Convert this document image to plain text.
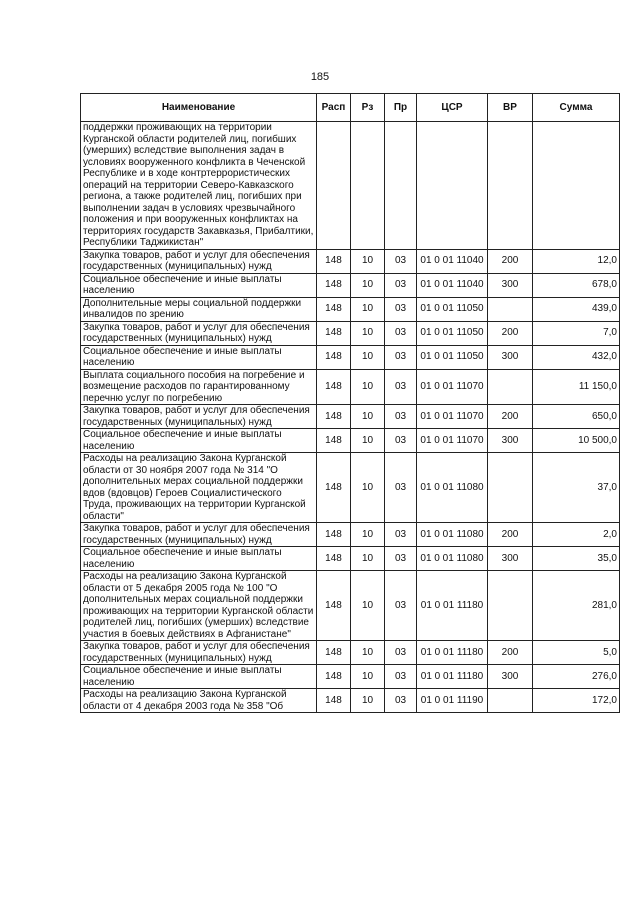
185
Наименование	Расп	Рз	Пр	ЦСР	ВР	Сумма
поддержки проживающих на территории Курганской области родителей лиц, погибших (умерших) вследствие выполнения задач в условиях вооруженного конфликта в Чеченской Республике и в ходе контртеррористических операций на территории Северо-Кавказского региона, а также родителей лиц, погибших при выполнении задач в условиях чрезвычайного положения и при вооруженных конфликтах на территориях государств Закавказья, Прибалтики, Республики Таджикистан"						
Закупка товаров, работ и услуг для обеспечения государственных (муниципальных) нужд	148	10	03	01 0 01 11040	200	12,0
Социальное обеспечение и иные выплаты населению	148	10	03	01 0 01 11040	300	678,0
Дополнительные меры социальной поддержки инвалидов по зрению	148	10	03	01 0 01 11050		439,0
Закупка товаров, работ и услуг для обеспечения государственных (муниципальных) нужд	148	10	03	01 0 01 11050	200	7,0
Социальное обеспечение и иные выплаты населению	148	10	03	01 0 01 11050	300	432,0
Выплата социального пособия на погребение и возмещение расходов по гарантированному перечню услуг по погребению	148	10	03	01 0 01 11070		11 150,0
Закупка товаров, работ и услуг для обеспечения государственных (муниципальных) нужд	148	10	03	01 0 01 11070	200	650,0
Социальное обеспечение и иные выплаты населению	148	10	03	01 0 01 11070	300	10 500,0
Расходы на реализацию Закона Курганской области от 30 ноября 2007 года № 314 "О дополнительных мерах социальной поддержки вдов (вдовцов) Героев Социалистического Труда, проживающих на территории Курганской области"	148	10	03	01 0 01 11080		37,0
Закупка товаров, работ и услуг для обеспечения государственных (муниципальных) нужд	148	10	03	01 0 01 11080	200	2,0
Социальное обеспечение и иные выплаты населению	148	10	03	01 0 01 11080	300	35,0
Расходы на реализацию Закона Курганской области от 5 декабря 2005 года № 100 "О дополнительных мерах социальной поддержки проживающих на территории Курганской области родителей лиц, погибших (умерших) вследствие участия в боевых действиях в Афганистане"	148	10	03	01 0 01 11180		281,0
Закупка товаров, работ и услуг для обеспечения государственных (муниципальных) нужд	148	10	03	01 0 01 11180	200	5,0
Социальное обеспечение и иные выплаты населению	148	10	03	01 0 01 11180	300	276,0
Расходы на реализацию Закона Курганской области от 4 декабря 2003 года № 358 "Об	148	10	03	01 0 01 11190		172,0
